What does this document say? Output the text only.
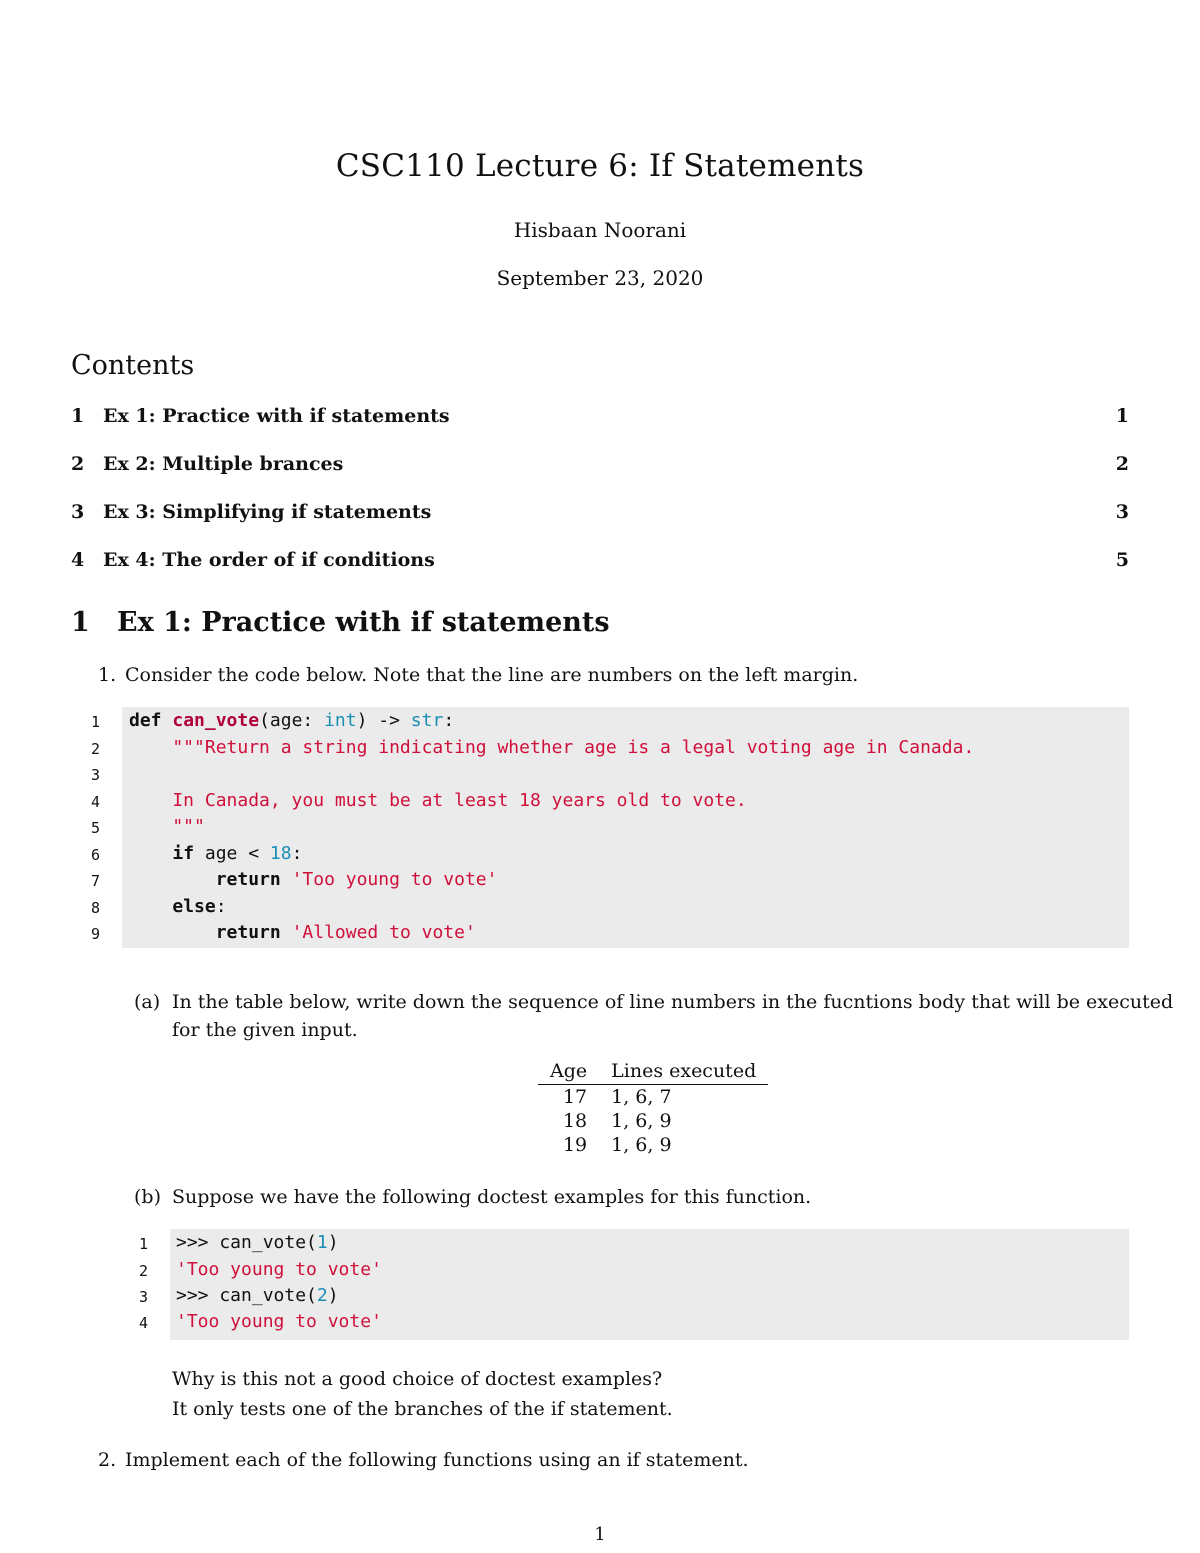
CSC110 Lecture 6: If Statements
Hisbaan Noorani
September 23, 2020
Contents
1 Ex 1: Practice with if statements	1
2 Ex 2: Multiple brances	2
3 Ex 3: Simplifying if statements	3
4 Ex 4: The order of if conditions	5
1 Ex 1: Practice with if statements
1. Consider the code below. Note that the line are numbers on the left margin.
1
2
3
4
5
6
7
8
9
def can_vote(age: int) -> str:
"""Return a string indicating whether age is a legal voting age in Canada.
In Canada, you must be at least 18 years old to vote.
"""
if age < 18:
return 'Too young to vote'
else:
return 'Allowed to vote'
(a) In the table below, write down the sequence of line numbers in the fucntions body that will be executed
for the given input.
Age	Lines executed
17	1, 6, 7
18	1, 6, 9
19	1, 6, 9
(b) Suppose we have the following doctest examples for this function.
1
2
3
4
>>> can_vote(1)
'Too young to vote'
>>> can_vote(2)
'Too young to vote'
Why is this not a good choice of doctest examples?
It only tests one of the branches of the if statement.
2. Implement each of the following functions using an if statement.
1
